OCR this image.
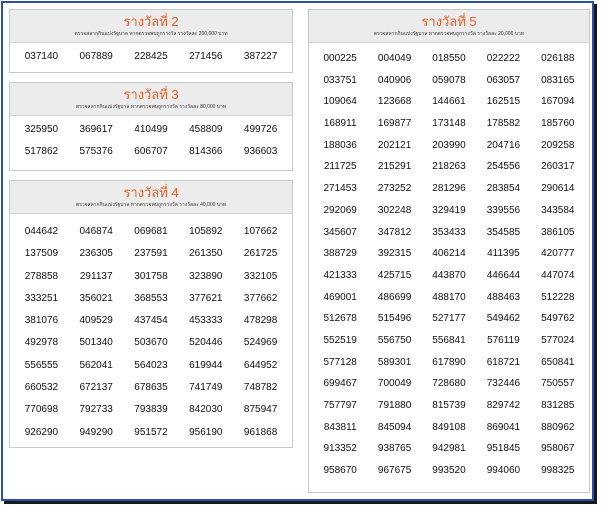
รางวัลที่ 2
ตรวจสลากกินแบ่งรัฐบาล หากตรวจพบถูกรางวัล รางวัลละ 200,000 บาท
037140	067889	228425	271456	387227
รางวัลที่ 3
ตรวจสลากกินแบ่งรัฐบาล หากตรวจพบถูกรางวัล รางวัลละ 80,000 บาท
325950	369617	410499	458809	499726
517862	575376	606707	814366	936603
รางวัลที่ 4
ตรวจสลากกินแบ่งรัฐบาล หากตรวจพบถูกรางวัล รางวัลละ 40,000 บาท
044642	046874	069681	105892	107662
137509	236305	237591	261350	261725
278858	291137	301758	323890	332105
333251	356021	368553	377621	377662
381076	409529	437454	453333	478298
492978	501340	503670	520446	524969
556555	562041	564023	619944	644952
660532	672137	678635	741749	748782
770698	792733	793839	842030	875947
926290	949290	951572	956190	961868
รางวัลที่ 5
ตรวจสลากกินแบ่งรัฐบาล หากตรวจพบถูกรางวัล รางวัลละ 20,000 บาท
000225	004049	018550	022222	026188
033751	040906	059078	063057	083165
109064	123668	144661	162515	167094
168911	169877	173148	178582	185760
188036	202121	203990	204716	209258
211725	215291	218263	254556	260317
271453	273252	281296	283854	290614
292069	302248	329419	339556	343584
345607	347812	353433	354585	386105
388729	392315	406214	411395	420777
421333	425715	443870	446644	447074
469001	486699	488170	488463	512228
512678	515496	527177	549462	549762
552519	556750	556841	576119	577024
577128	589301	617890	618721	650841
699467	700049	728680	732446	750557
757797	791880	815739	829742	831285
843811	845094	849108	869041	880962
913352	938765	942981	951845	958067
958670	967675	993520	994060	998325
